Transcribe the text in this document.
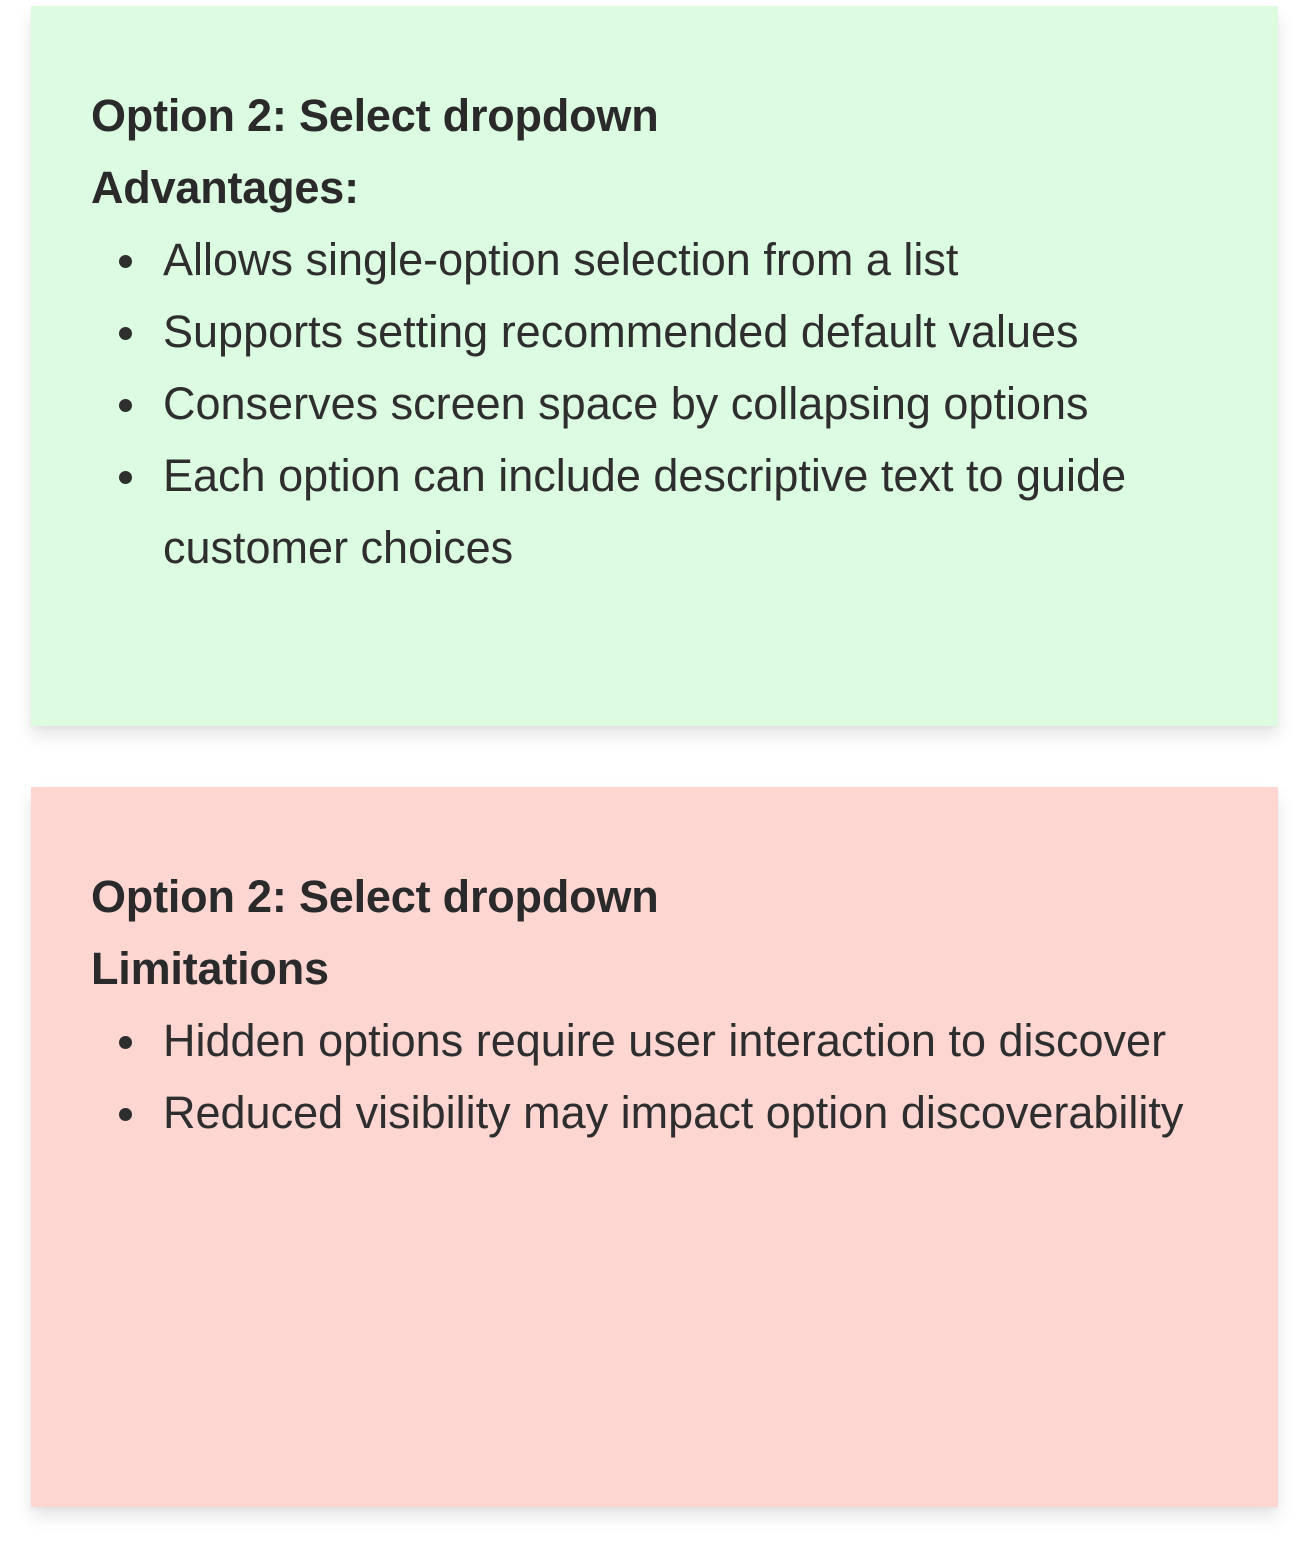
Option 2: Select dropdown

Advantages:

Allows single-option selection from a list
Supports setting recommended default values
Conserves screen space by collapsing options
Each option can include descriptive text to guide customer choices

Option 2: Select dropdown

Limitations

Hidden options require user interaction to discover
Reduced visibility may impact option discoverability
